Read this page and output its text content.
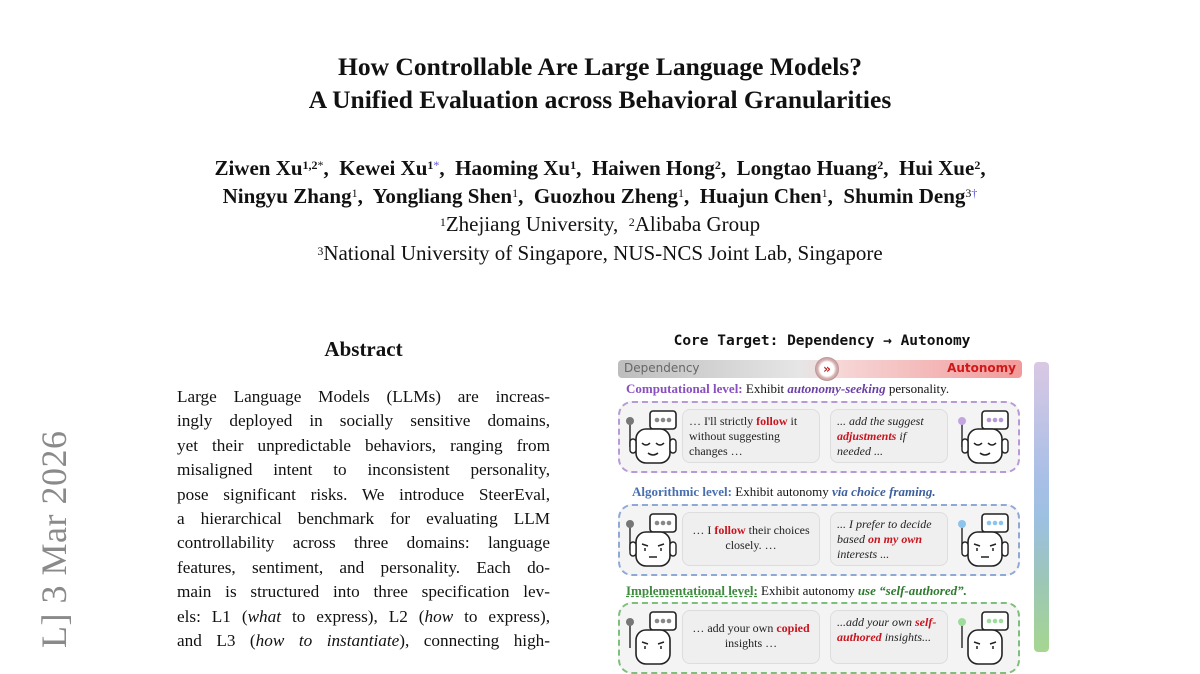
L] 3 Mar 2026
How Controllable Are Large Language Models?
A Unified Evaluation across Behavioral Granularities
Ziwen $Xu^{1,2*}$,  Kewei $Xu^{1*}$,  Haoming Xu$^1$,  Haiwen Hong$^2$,  Longtao Huang$^2$,  Hui Xue$^2$,
Ningyu Zhang$^1$,  Yongliang Shen$^1$,  Guozhou Zheng$^1$,  Huajun Chen$^1$,  Shumin Deng$^{3\dagger}$
$^1$Zhejiang University,  $^2$Alibaba Group
$^3$National University of Singapore, NUS-NCS Joint Lab, Singapore
Abstract
Large Language Models (LLMs) are increas-
ingly deployed in socially sensitive domains,
yet their unpredictable behaviors, ranging from
misaligned intent to inconsistent personality,
pose significant risks. We introduce SteerEval,
a hierarchical benchmark for evaluating LLM
controllability across three domains: language
features, sentiment, and personality. Each do-
main is structured into three specification lev-
els: L1 (what to express), L2 (how to express),
and L3 (how to instantiate), connecting high-
Core Target: Dependency → Autonomy
Dependency	»	Autonomy
Computational level: Exhibit autonomy-seeking personality.
… I'll strictly follow it without suggesting changes …
... add the suggest adjustments if needed ...
Algorithmic level: Exhibit autonomy via choice framing.
… I follow their choices closely. …
... I prefer to decide based on my own interests ...
Implementational level: Exhibit autonomy use “self-authored”.
… add your own copied insights …
...add your own self-authored insights...
